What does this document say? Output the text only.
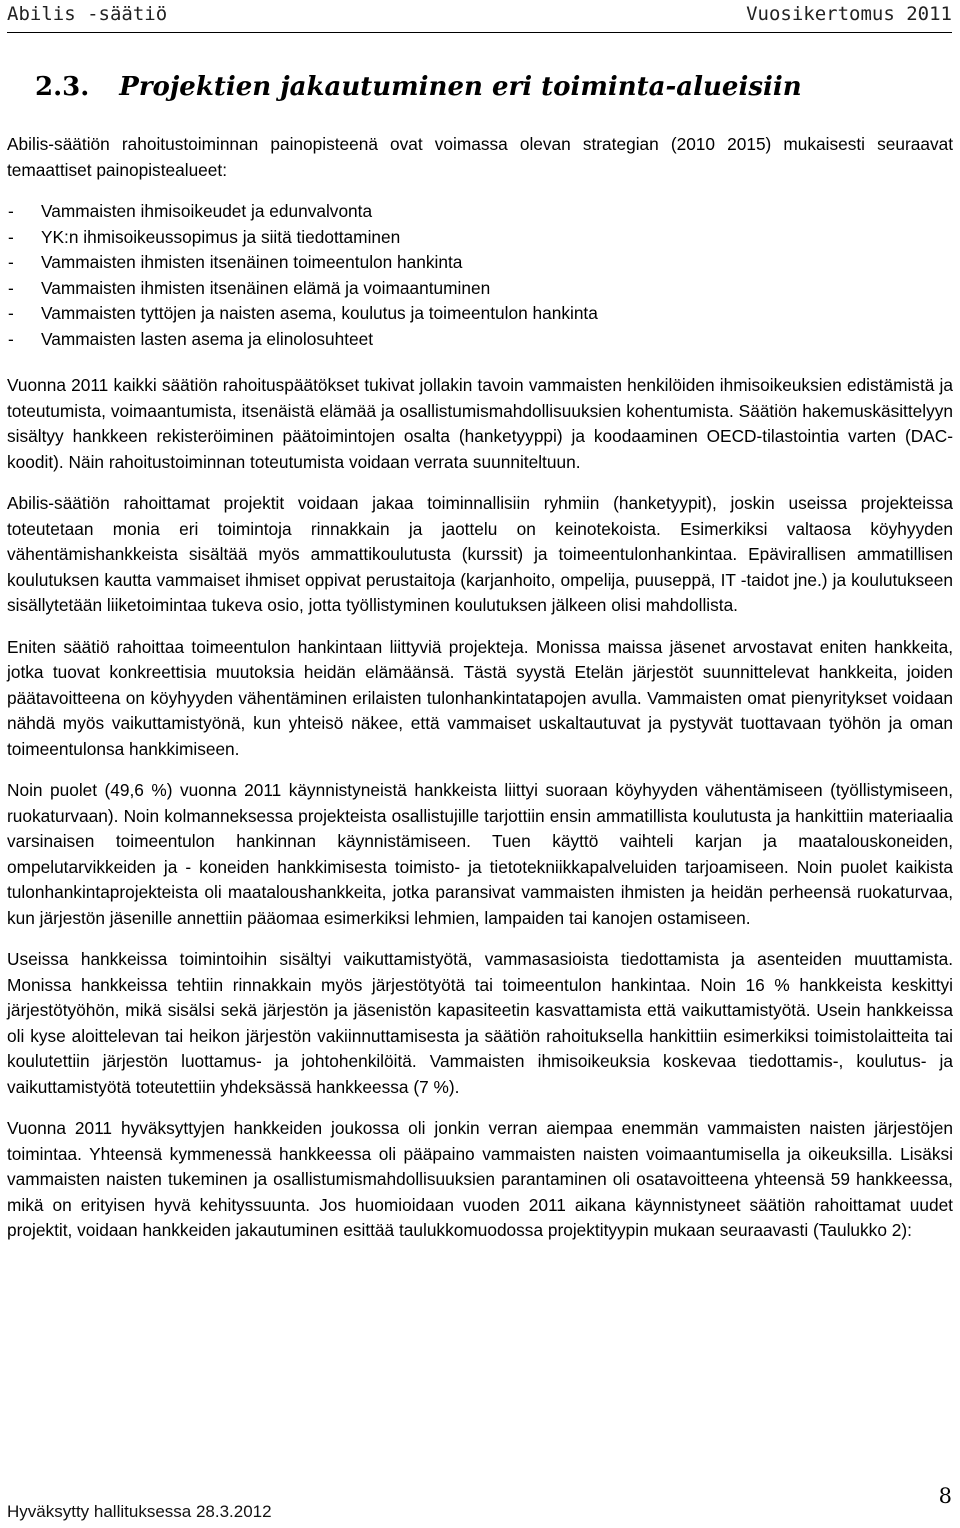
Abilis -säätiö	Vuosikertomus 2011
2.3. Projektien jakautuminen eri toiminta-alueisiin

Abilis-säätiön rahoitustoiminnan painopisteenä ovat voimassa olevan strategian (2010 2015) mukaisesti seuraavat temaattiset painopistealueet:

-	Vammaisten ihmisoikeudet ja edunvalvonta
-	YK:n ihmisoikeussopimus ja siitä tiedottaminen
-	Vammaisten ihmisten itsenäinen toimeentulon hankinta
-	Vammaisten ihmisten itsenäinen elämä ja voimaantuminen
-	Vammaisten tyttöjen ja naisten asema, koulutus ja toimeentulon hankinta
-	Vammaisten lasten asema ja elinolosuhteet

Vuonna 2011 kaikki säätiön rahoituspäätökset tukivat jollakin tavoin vammaisten henkilöiden ihmisoikeuksien edistämistä ja toteutumista, voimaantumista, itsenäistä elämää ja osallistumismahdollisuuksien kohentumista. Säätiön hakemuskäsittelyyn sisältyy hankkeen rekisteröiminen päätoimintojen osalta (hanketyyppi) ja koodaaminen OECD-tilastointia varten (DAC-koodit). Näin rahoitustoiminnan toteutumista voidaan verrata suunniteltuun.

Abilis-säätiön rahoittamat projektit voidaan jakaa toiminnallisiin ryhmiin (hanketyypit), joskin useissa projekteissa toteutetaan monia eri toimintoja rinnakkain ja jaottelu on keinotekoista. Esimerkiksi valtaosa köyhyyden vähentämishankkeista sisältää myös ammattikoulutusta (kurssit) ja toimeentulonhankintaa. Epävirallisen ammatillisen koulutuksen kautta vammaiset ihmiset oppivat perustaitoja (karjanhoito, ompelija, puuseppä, IT -taidot jne.) ja koulutukseen sisällytetään liiketoimintaa tukeva osio, jotta työllistyminen koulutuksen jälkeen olisi mahdollista.

Eniten säätiö rahoittaa toimeentulon hankintaan liittyviä projekteja. Monissa maissa jäsenet arvostavat eniten hankkeita, jotka tuovat konkreettisia muutoksia heidän elämäänsä. Tästä syystä Etelän järjestöt suunnittelevat hankkeita, joiden päätavoitteena on köyhyyden vähentäminen erilaisten tulonhankintatapojen avulla. Vammaisten omat pienyritykset voidaan nähdä myös vaikuttamistyönä, kun yhteisö näkee, että vammaiset uskaltautuvat ja pystyvät tuottavaan työhön ja oman toimeentulonsa hankkimiseen.

Noin puolet (49,6 %) vuonna 2011 käynnistyneistä hankkeista liittyi suoraan köyhyyden vähentämiseen (työllistymiseen, ruokaturvaan). Noin kolmanneksessa projekteista osallistujille tarjottiin ensin ammatillista koulutusta ja hankittiin materiaalia varsinaisen toimeentulon hankinnan käynnistämiseen. Tuen käyttö vaihteli karjan ja maatalouskoneiden, ompelutarvikkeiden ja - koneiden hankkimisesta toimisto- ja tietotekniikkapalveluiden tarjoamiseen. Noin puolet kaikista tulonhankintaprojekteista oli maataloushankkeita, jotka paransivat vammaisten ihmisten ja heidän perheensä ruokaturvaa, kun järjestön jäsenille annettiin pääomaa esimerkiksi lehmien, lampaiden tai kanojen ostamiseen.

Useissa hankkeissa toimintoihin sisältyi vaikuttamistyötä, vammasasioista tiedottamista ja asenteiden muuttamista. Monissa hankkeissa tehtiin rinnakkain myös järjestötyötä tai toimeentulon hankintaa. Noin 16 % hankkeista keskittyi järjestötyöhön, mikä sisälsi sekä järjestön ja jäsenistön kapasiteetin kasvattamista että vaikuttamistyötä. Usein hankkeissa oli kyse aloittelevan tai heikon järjestön vakiinnuttamisesta ja säätiön rahoituksella hankittiin esimerkiksi toimistolaitteita tai koulutettiin järjestön luottamus- ja johtohenkilöitä. Vammaisten ihmisoikeuksia koskevaa tiedottamis-, koulutus- ja vaikuttamistyötä toteutettiin yhdeksässä hankkeessa (7 %).

Vuonna 2011 hyväksyttyjen hankkeiden joukossa oli jonkin verran aiempaa enemmän vammaisten naisten järjestöjen toimintaa. Yhteensä kymmenessä hankkeessa oli pääpaino vammaisten naisten voimaantumisella ja oikeuksilla. Lisäksi vammaisten naisten tukeminen ja osallistumismahdollisuuksien parantaminen oli osatavoitteena yhteensä 59 hankkeessa, mikä on erityisen hyvä kehityssuunta. Jos huomioidaan vuoden 2011 aikana käynnistyneet säätiön rahoittamat uudet projektit, voidaan hankkeiden jakautuminen esittää taulukkomuodossa projektityypin mukaan seuraavasti (Taulukko 2):

Hyväksytty hallituksessa 28.3.2012
8
